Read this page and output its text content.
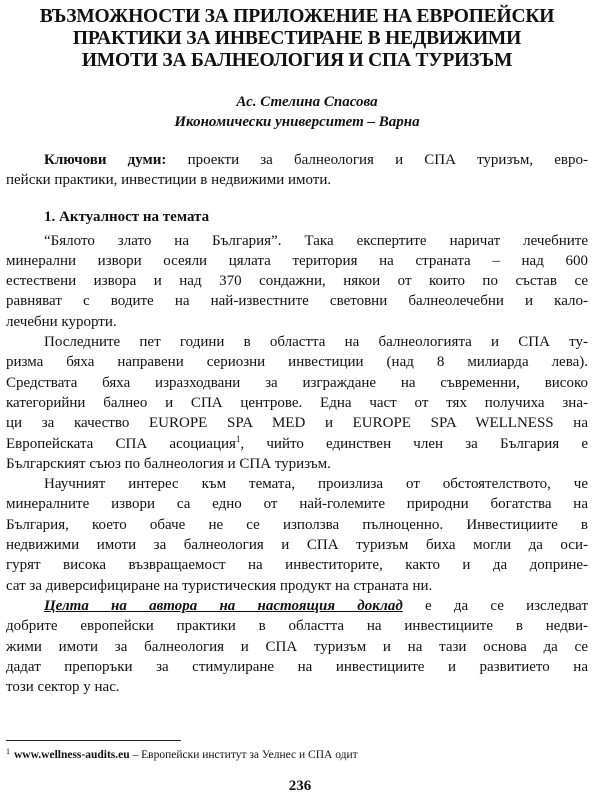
ВЪЗМОЖНОСТИ ЗА ПРИЛОЖЕНИЕ НА ЕВРОПЕЙСКИ
ПРАКТИКИ ЗА ИНВЕСТИРАНЕ В НЕДВИЖИМИ
ИМОТИ ЗА БАЛНЕОЛОГИЯ И СПА ТУРИЗЪМ
Ас. Стелина Спасова
Икономически университет – Варна
Ключови думи: проекти за балнеология и СПА туризъм, евро-
пейски практики, инвестиции в недвижими имоти.
1. Актуалност на темата
“Бялото злато на България”. Така експертите наричат лечебните
минерални извори осеяли цялата територия на страната – над 600
естествени извора и над 370 сондажни, някои от които по състав се
равняват с водите на най-известните световни балнеолечебни и кало-
лечебни курорти.
Последните пет години в областта на балнеологията и СПА ту-
ризма бяха направени сериозни инвестиции (над 8 милиарда лева).
Средствата бяха изразходвани за изграждане на съвременни, високо
категорийни балнео и СПА центрове. Една част от тях получиха зна-
ци за качество EUROPE SPA MED и EUROPE SPA WELLNESS на
Европейската СПА асоциация$^1$, чийто единствен член за България е
Българският съюз по балнеология и СПА туризъм.
Научният интерес към темата, произлиза от обстоятелството, че
минералните извори са едно от най-големите природни богатства на
България, което обаче не се използва пълноценно. Инвестициите в
недвижими имоти за балнеология и СПА туризъм биха могли да оси-
гурят висока възвращаемост на инвеститорите, както и да доприне-
сат за диверсифициране на туристическия продукт на страната ни.
Целта на автора на настоящия доклад е да се изследват
добрите европейски практики в областта на инвестициите в недви-
жими имоти за балнеология и СПА туризъм и на тази основа да се
дадат препоръки за стимулиране на инвестициите и развитието на
този сектор у нас.
$^1$ www.wellness-audits.eu – Европейски институт за Уелнес и СПА одит
236
